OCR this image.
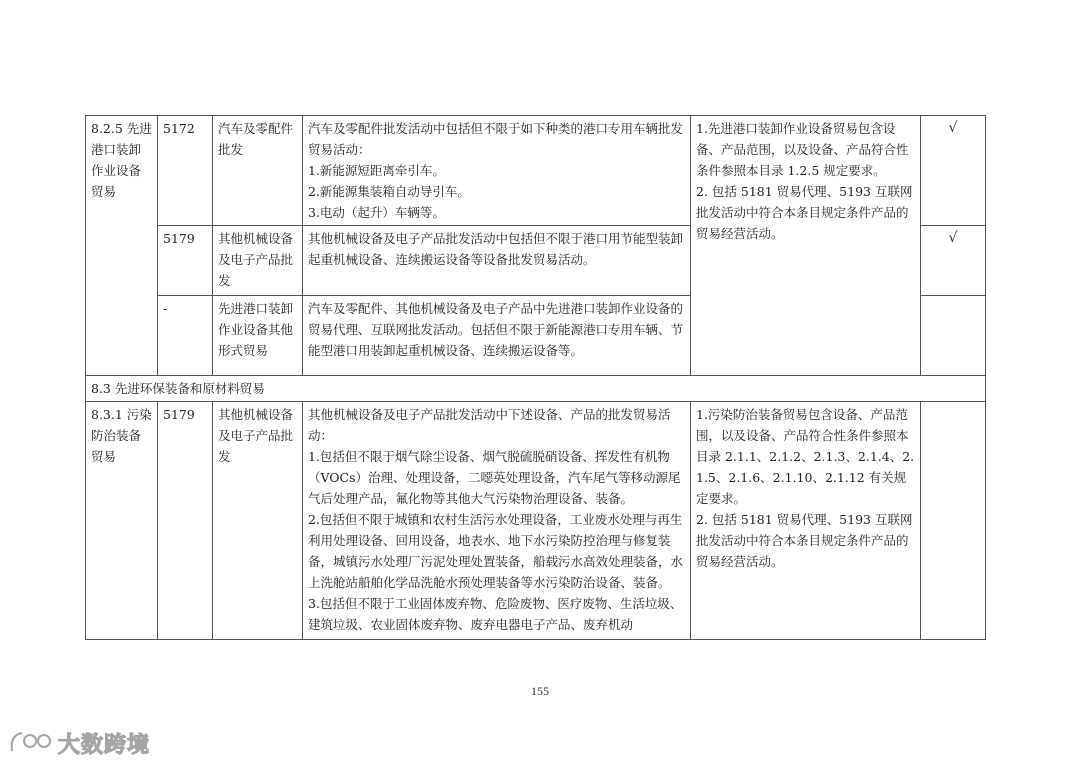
8.2.5 先进港口装卸作业设备贸易	5172	汽车及零配件批发	汽车及零配件批发活动中包括但不限于如下种类的港口专用车辆批发贸易活动：
1.新能源短距离牵引车。
2.新能源集装箱自动导引车。
3.电动（起升）车辆等。	1.先进港口装卸作业设备贸易包含设备、产品范围，以及设备、产品符合性条件参照本目录 1.2.5 规定要求。
2. 包括 5181 贸易代理、5193 互联网批发活动中符合本条目规定条件产品的贸易经营活动。	√
	5179	其他机械设备及电子产品批发	其他机械设备及电子产品批发活动中包括但不限于港口用节能型装卸起重机械设备、连续搬运设备等设备批发贸易活动。		√
	-	先进港口装卸作业设备其他形式贸易	汽车及零配件、其他机械设备及电子产品中先进港口装卸作业设备的贸易代理、互联网批发活动。包括但不限于新能源港口专用车辆、节能型港口用装卸起重机械设备、连续搬运设备等。		
8.3 先进环保装备和原材料贸易					
8.3.1 污染防治装备贸易	5179	其他机械设备及电子产品批发	其他机械设备及电子产品批发活动中下述设备、产品的批发贸易活动：
1.包括但不限于烟气除尘设备、烟气脱硫脱硝设备、挥发性有机物（VOCs）治理、处理设备，二噁英处理设备，汽车尾气等移动源尾气后处理产品，氟化物等其他大气污染物治理设备、装备。
2.包括但不限于城镇和农村生活污水处理设备，工业废水处理与再生利用处理设备、回用设备，地表水、地下水污染防控治理与修复装备，城镇污水处理厂污泥处理处置装备，船载污水高效处理装备，水上洗舱站船舶化学品洗舱水预处理装备等水污染防治设备、装备。
3.包括但不限于工业固体废弃物、危险废物、医疗废物、生活垃圾、建筑垃圾、农业固体废弃物、废弃电器电子产品、废弃机动	1.污染防治装备贸易包含设备、产品范围，以及设备、产品符合性条件参照本目录 2.1.1、2.1.2、2.1.3、2.1.4、2.1.5、2.1.6、2.1.10、2.1.12 有关规定要求。
2. 包括 5181 贸易代理、5193 互联网批发活动中符合本条目规定条件产品的贸易经营活动。	

155
大数跨境
